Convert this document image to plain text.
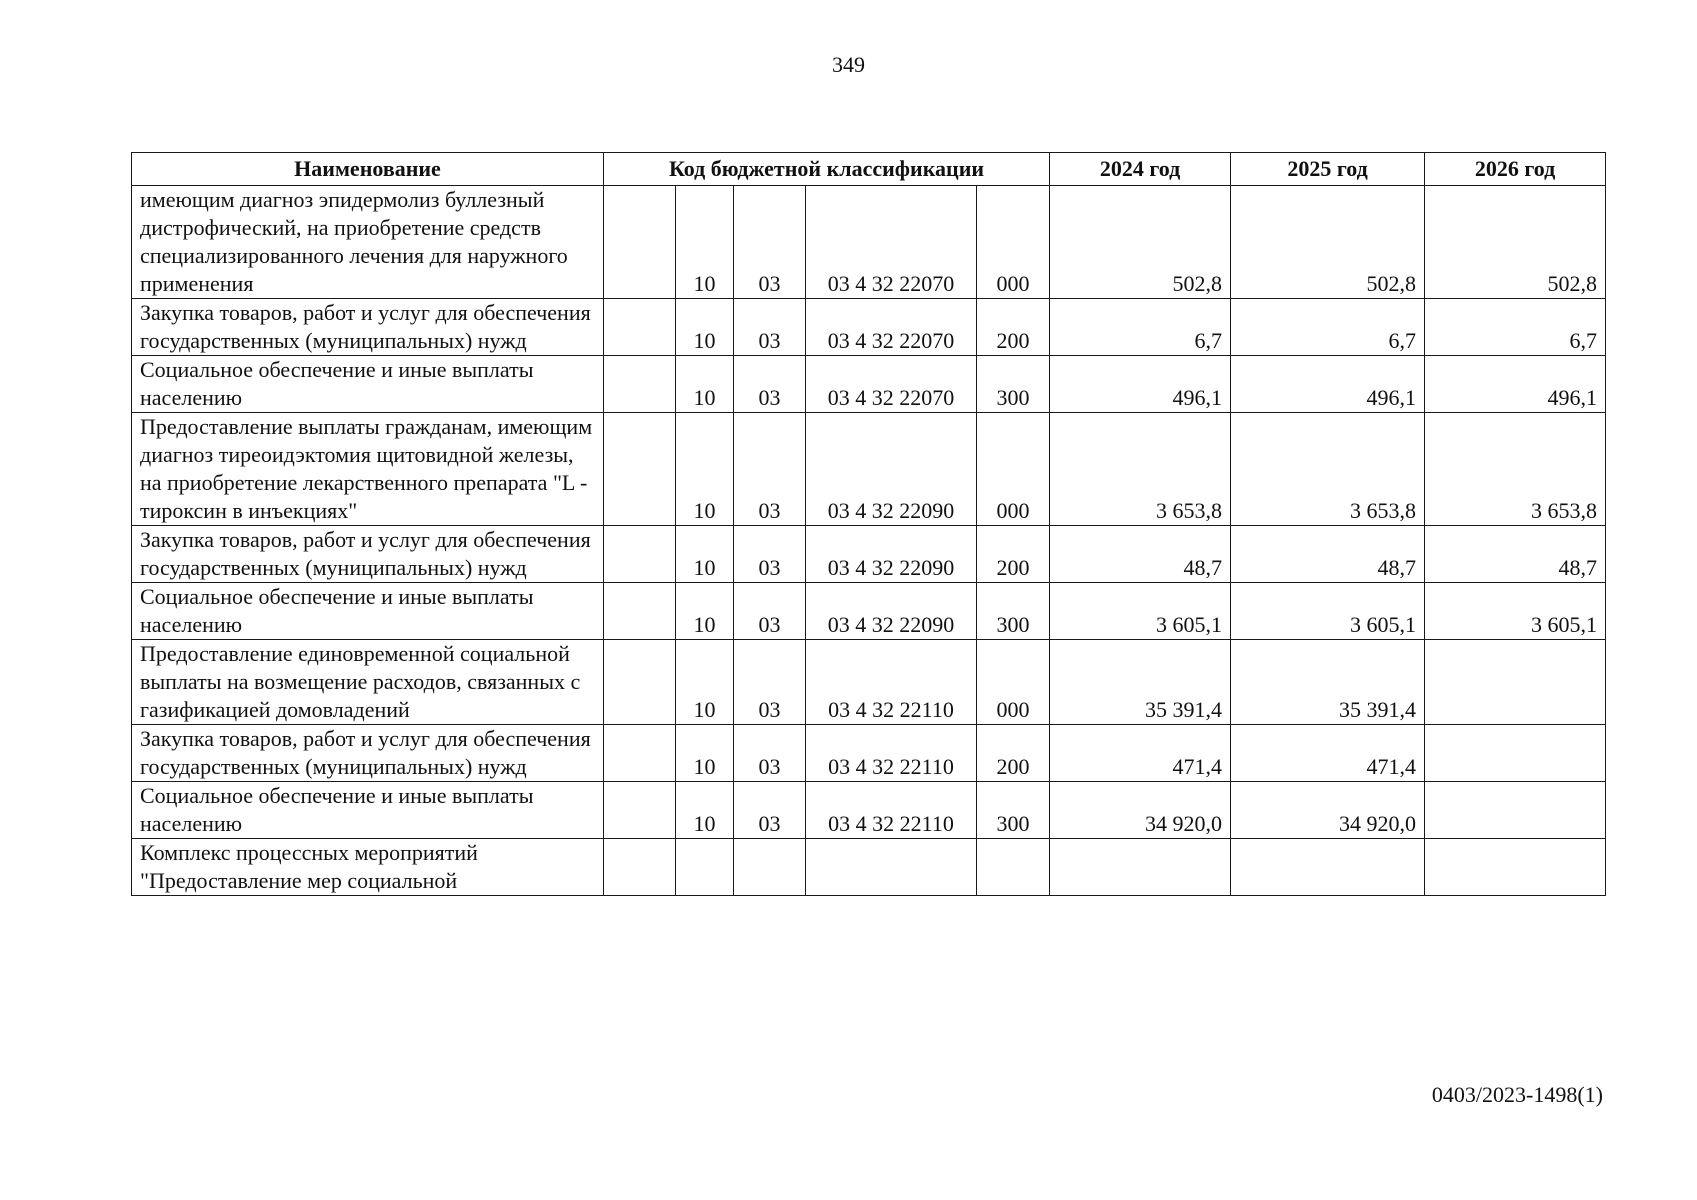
349
Наименование	Код бюджетной классификации					2024 год	2025 год	2026 год
имеющим диагноз эпидермолиз буллезный дистрофический, на приобретение средств специализированного лечения для наружного применения		10	03	03 4 32 22070	000	502,8	502,8	502,8
Закупка товаров, работ и услуг для обеспечения государственных (муниципальных) нужд		10	03	03 4 32 22070	200	6,7	6,7	6,7
Социальное обеспечение и иные выплаты населению		10	03	03 4 32 22070	300	496,1	496,1	496,1
Предоставление выплаты гражданам, имеющим диагноз тиреоидэктомия щитовидной железы, на приобретение лекарственного препарата "L - тироксин в инъекциях"		10	03	03 4 32 22090	000	3 653,8	3 653,8	3 653,8
Закупка товаров, работ и услуг для обеспечения государственных (муниципальных) нужд		10	03	03 4 32 22090	200	48,7	48,7	48,7
Социальное обеспечение и иные выплаты населению		10	03	03 4 32 22090	300	3 605,1	3 605,1	3 605,1
Предоставление единовременной социальной выплаты на возмещение расходов, связанных с газификацией домовладений		10	03	03 4 32 22110	000	35 391,4	35 391,4	
Закупка товаров, работ и услуг для обеспечения государственных (муниципальных) нужд		10	03	03 4 32 22110	200	471,4	471,4	
Социальное обеспечение и иные выплаты населению		10	03	03 4 32 22110	300	34 920,0	34 920,0	
Комплекс процессных мероприятий "Предоставление мер социальной								
0403/2023-1498(1)
